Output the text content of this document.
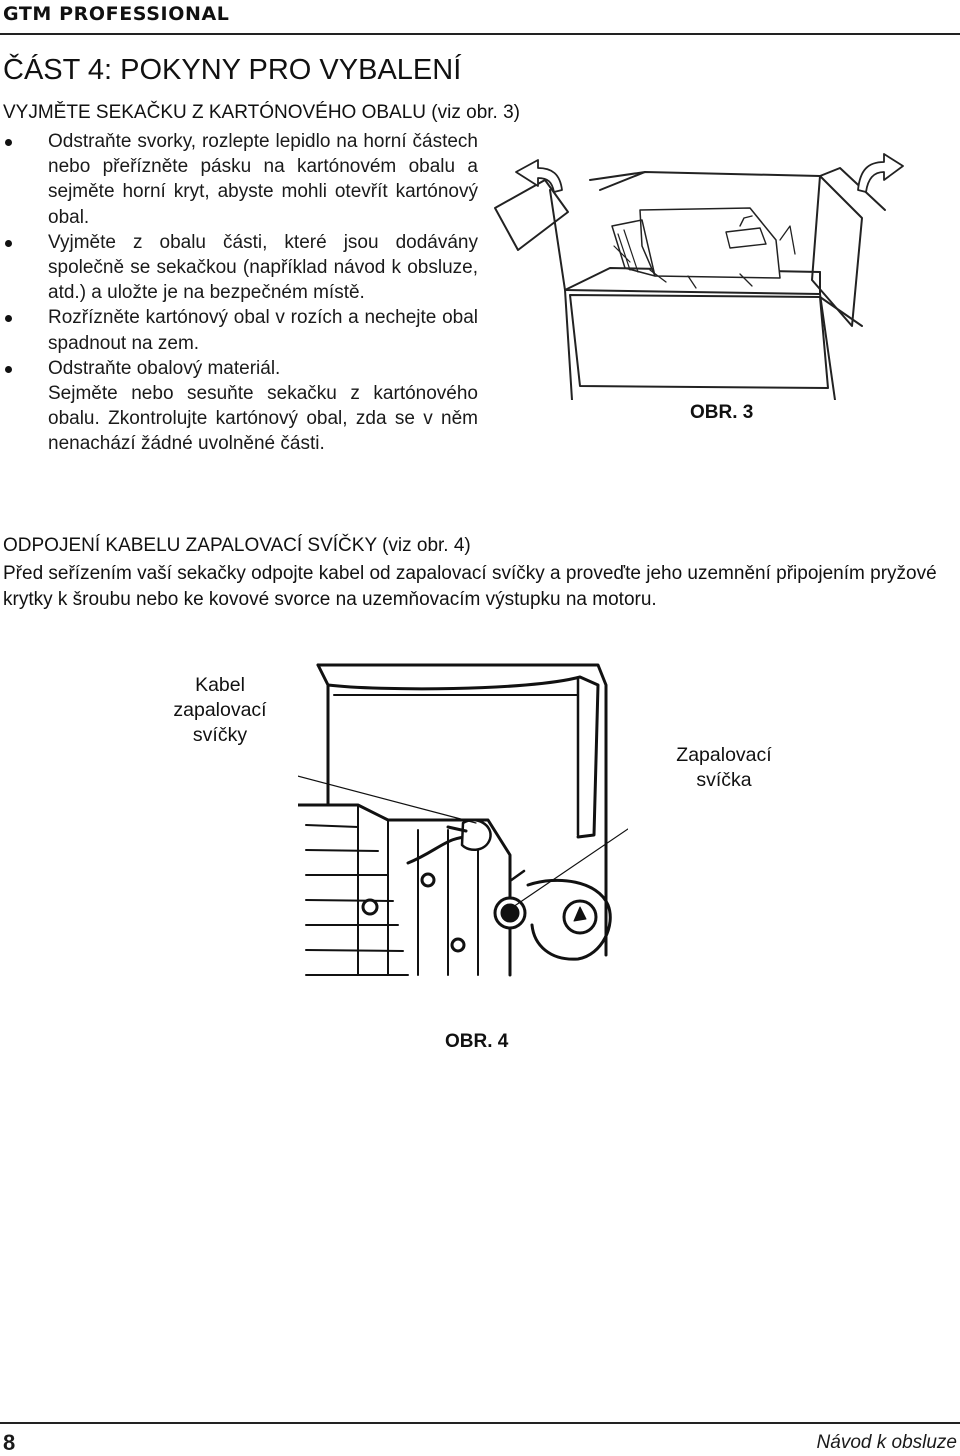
GTM PROFESSIONAL
ČÁST 4: POKYNY PRO VYBALENÍ
VYJMĚTE SEKAČKU Z KARTÓNOVÉHO OBALU (viz obr. 3)
Odstraňte svorky, rozlepte lepidlo na horní částech nebo přeřízněte pásku na kartónovém obalu a sejměte horní kryt, abyste mohli otevřít kartónový obal.
Vyjměte z obalu části, které jsou dodávány společně se sekačkou (například návod k obsluze, atd.) a uložte je na bezpečném místě.
Rozřízněte kartónový obal v rozích a nechejte obal spadnout na zem.
Odstraňte obalový materiál.
Sejměte nebo sesuňte sekačku z kartónového obalu. Zkontrolujte kartónový obal, zda se v něm nenachází žádné uvolněné části.
OBR. 3
ODPOJENÍ KABELU ZAPALOVACÍ SVÍČKY (viz obr. 4)
Před seřízením vaší sekačky odpojte kabel od zapalovací svíčky a proveďte jeho uzemnění připojením pryžové krytky k šroubu nebo ke kovové svorce na uzemňovacím výstupku na motoru.
Kabel zapalovací svíčky
Zapalovací svíčka
OBR. 4
8	Návod k obsluze
